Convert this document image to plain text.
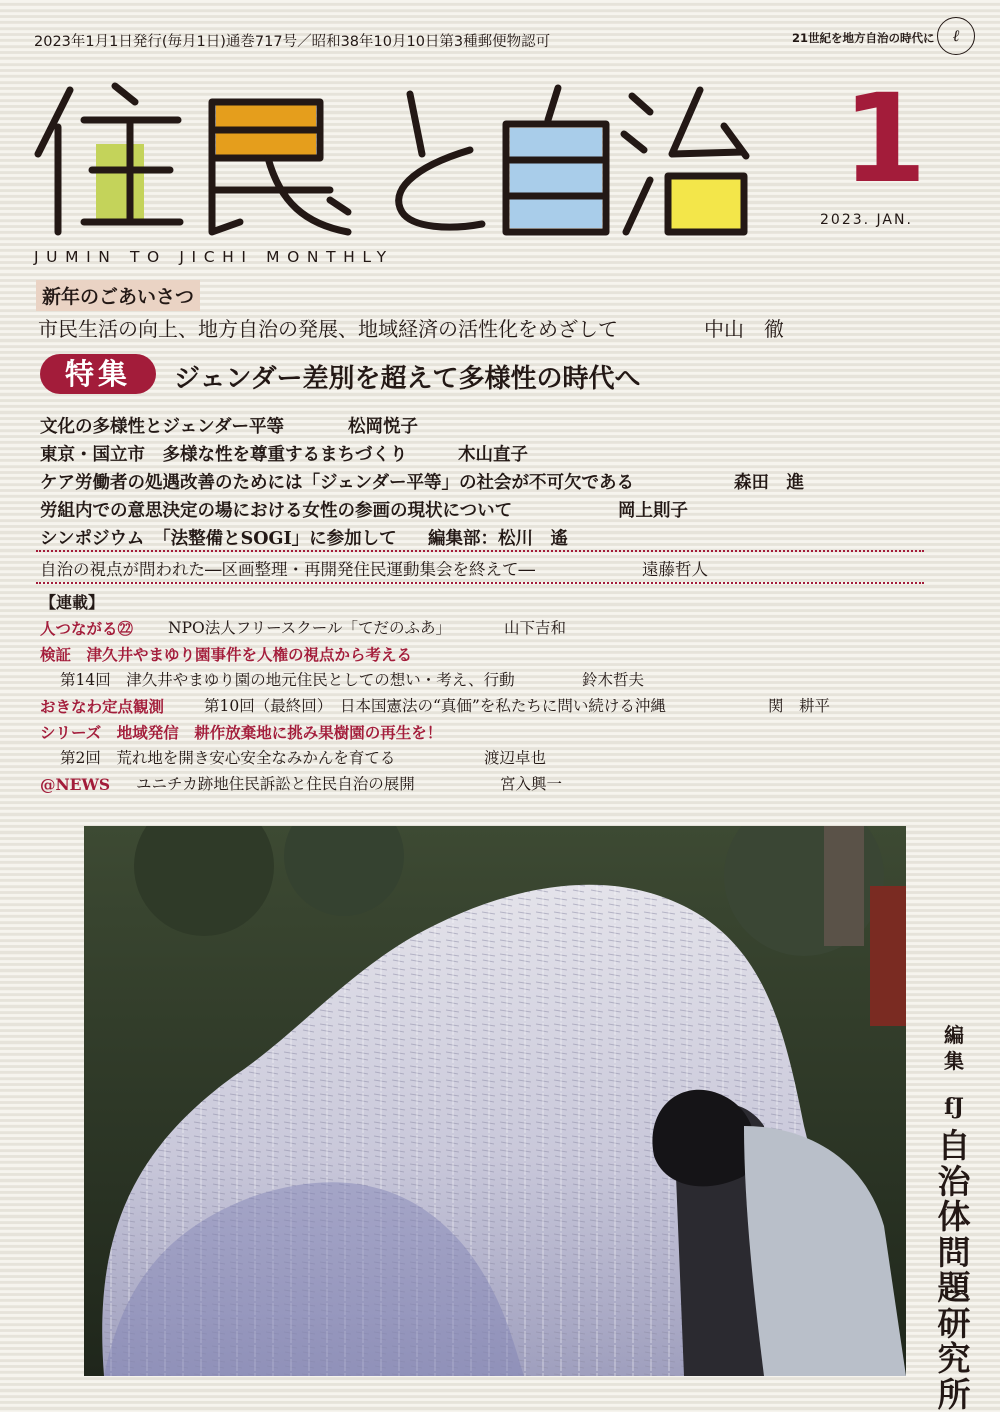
2023年1月1日発行(毎月1日)通巻717号／昭和38年10月10日第3種郵便物認可	21世紀を地方自治の時代に	ℓ
JUMIN TO JICHI MONTHLY
1
2023. JAN.
新年のごあいさつ
市民生活の向上、地方自治の発展、地域経済の活性化をめざして	中山　徹
特集	ジェンダー差別を超えて多様性の時代へ
文化の多様性とジェンダー平等	松岡悦子
東京・国立市　多様な性を尊重するまちづくり	木山直子
ケア労働者の処遇改善のためには「ジェンダー平等」の社会が不可欠である	森田　進
労組内での意思決定の場における女性の参画の現状について	岡上則子
シンポジウム　「法整備とSOGI」に参加して 編集部：松川　遙
自治の視点が問われた―区画整理・再開発住民運動集会を終えて―	遠藤哲人
【連載】
人つながる㉒ NPO法人フリースクール「てだのふあ」	山下吉和
検証　津久井やまゆり園事件を人権の視点から考える
第14回　津久井やまゆり園の地元住民としての想い・考え、行動	鈴木哲夫
おきなわ定点観測	第10回（最終回）　日本国憲法の“真価”を私たちに問い続ける沖縄	関　耕平
シリーズ　地域発信　耕作放棄地に挑み果樹園の再生を！
第2回　荒れ地を開き安心安全なみかんを育てる	渡辺卓也
@NEWS ユニチカ跡地住民訴訟と住民自治の展開	宮入興一
編
集
fJ
自
治
体
問
題
研
究
所
